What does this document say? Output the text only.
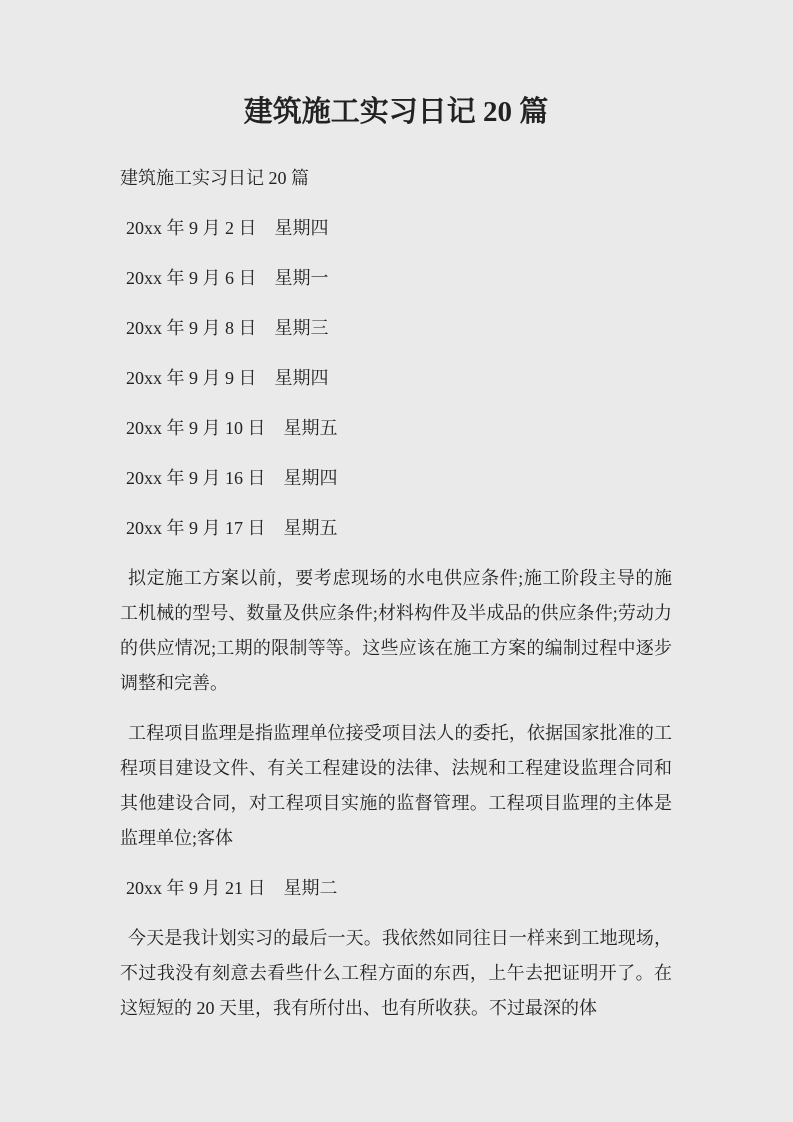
建筑施工实习日记 20 篇

建筑施工实习日记 20 篇

20xx 年 9 月 2 日　星期四

20xx 年 9 月 6 日　星期一

20xx 年 9 月 8 日　星期三

20xx 年 9 月 9 日　星期四

20xx 年 9 月 10 日　星期五

20xx 年 9 月 16 日　星期四

20xx 年 9 月 17 日　星期五

拟定施工方案以前，要考虑现场的水电供应条件;施工阶段主导的施工机械的型号、数量及供应条件;材料构件及半成品的供应条件;劳动力的供应情况;工期的限制等等。这些应该在施工方案的编制过程中逐步调整和完善。

工程项目监理是指监理单位接受项目法人的委托，依据国家批准的工程项目建设文件、有关工程建设的法律、法规和工程建设监理合同和其他建设合同，对工程项目实施的监督管理。工程项目监理的主体是监理单位;客体

20xx 年 9 月 21 日　星期二

今天是我计划实习的最后一天。我依然如同往日一样来到工地现场，不过我没有刻意去看些什么工程方面的东西，上午去把证明开了。在这短短的 20 天里，我有所付出、也有所收获。不过最深的体
